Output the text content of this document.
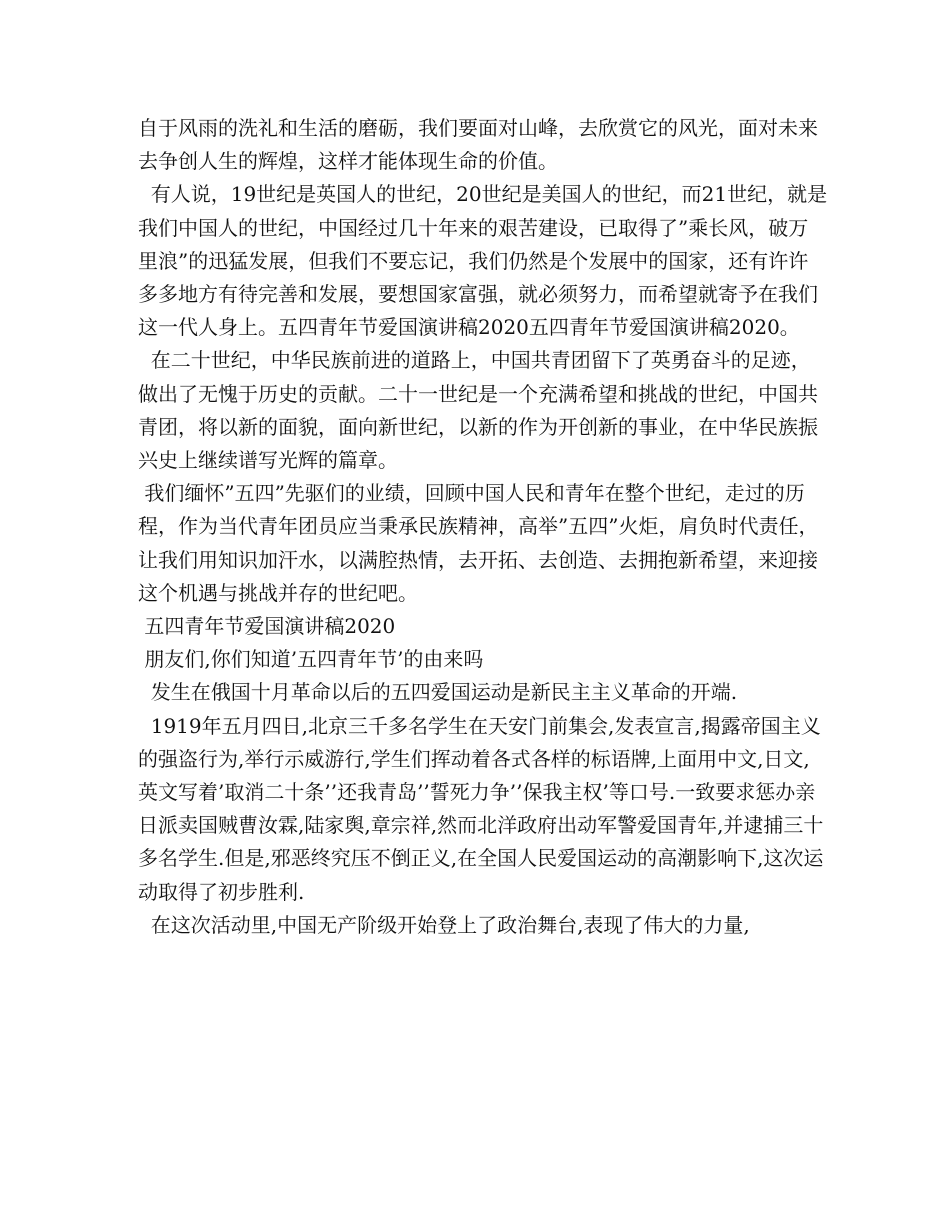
自于风雨的洗礼和生活的磨砺，我们要面对山峰，去欣赏它的风光，面对未来去争创人生的辉煌，这样才能体现生命的价值。

有人说，19世纪是英国人的世纪，20世纪是美国人的世纪，而21世纪，就是我们中国人的世纪，中国经过几十年来的艰苦建设，已取得了”乘长风，破万里浪”的迅猛发展，但我们不要忘记，我们仍然是个发展中的国家，还有许许多多地方有待完善和发展，要想国家富强，就必须努力，而希望就寄予在我们这一代人身上。五四青年节爱国演讲稿2020五四青年节爱国演讲稿2020。

在二十世纪，中华民族前进的道路上，中国共青团留下了英勇奋斗的足迹，做出了无愧于历史的贡献。二十一世纪是一个充满希望和挑战的世纪，中国共青团，将以新的面貌，面向新世纪，以新的作为开创新的事业，在中华民族振兴史上继续谱写光辉的篇章。

我们缅怀”五四”先驱们的业绩，回顾中国人民和青年在整个世纪，走过的历程，作为当代青年团员应当秉承民族精神，高举”五四”火炬，肩负时代责任，让我们用知识加汗水，以满腔热情，去开拓、去创造、去拥抱新希望，来迎接这个机遇与挑战并存的世纪吧。

五四青年节爱国演讲稿2020

朋友们,你们知道’五四青年节’的由来吗

发生在俄国十月革命以后的五四爱国运动是新民主主义革命的开端.

1919年五月四日,北京三千多名学生在天安门前集会,发表宣言,揭露帝国主义的强盗行为,举行示威游行,学生们挥动着各式各样的标语牌,上面用中文,日文,英文写着’取消二十条’’还我青岛’’誓死力争’’保我主权’等口号.一致要求惩办亲日派卖国贼曹汝霖,陆家舆,章宗祥,然而北洋政府出动军警爱国青年,并逮捕三十多名学生.但是,邪恶终究压不倒正义,在全国人民爱国运动的高潮影响下,这次运动取得了初步胜利.

在这次活动里,中国无产阶级开始登上了政治舞台,表现了伟大的力量,
